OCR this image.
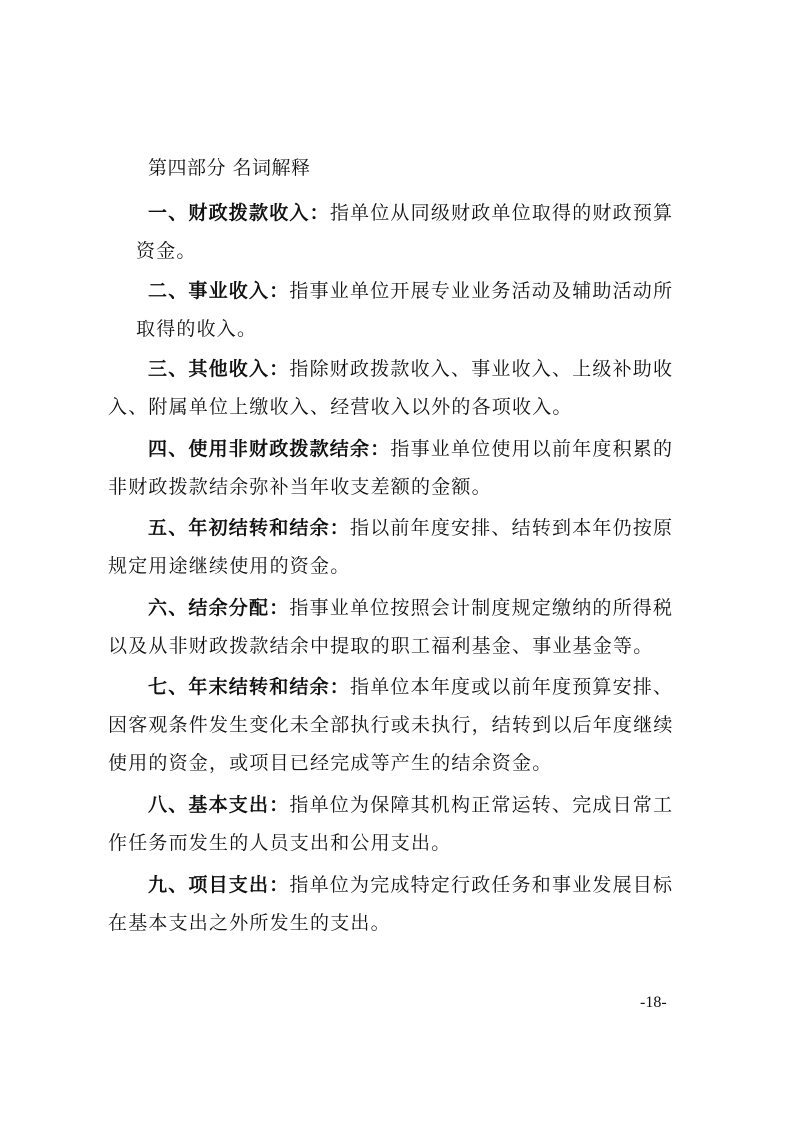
第四部分 名词解释
一、财政拨款收入：指单位从同级财政单位取得的财政预算
资金。
二、事业收入：指事业单位开展专业业务活动及辅助活动所
取得的收入。
三、其他收入：指除财政拨款收入、事业收入、上级补助收
入、附属单位上缴收入、经营收入以外的各项收入。
四、使用非财政拨款结余：指事业单位使用以前年度积累的
非财政拨款结余弥补当年收支差额的金额。
五、年初结转和结余：指以前年度安排、结转到本年仍按原
规定用途继续使用的资金。
六、结余分配：指事业单位按照会计制度规定缴纳的所得税
以及从非财政拨款结余中提取的职工福利基金、事业基金等。
七、年末结转和结余：指单位本年度或以前年度预算安排、
因客观条件发生变化未全部执行或未执行，结转到以后年度继续
使用的资金，或项目已经完成等产生的结余资金。
八、基本支出：指单位为保障其机构正常运转、完成日常工
作任务而发生的人员支出和公用支出。
九、项目支出：指单位为完成特定行政任务和事业发展目标
在基本支出之外所发生的支出。
-18-
